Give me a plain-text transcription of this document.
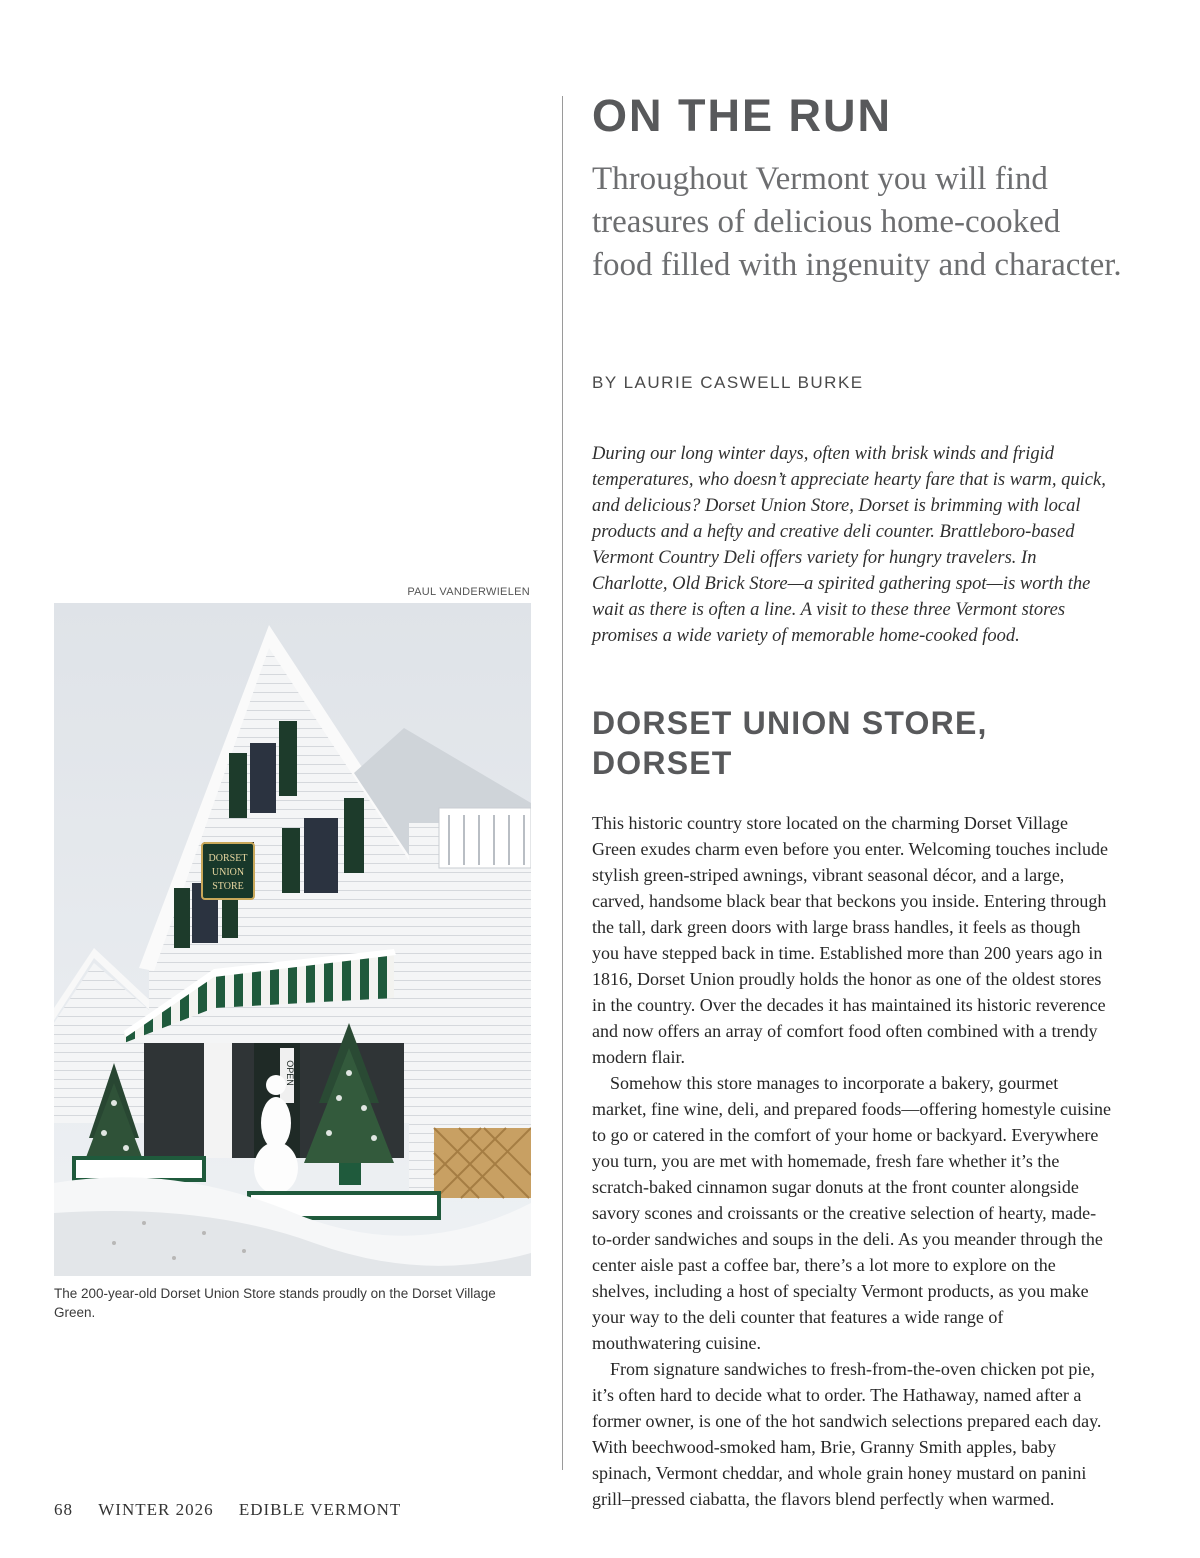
ON THE RUN
Throughout Vermont you will find treasures of delicious home-cooked food filled with ingenuity and character.
BY LAURIE CASWELL BURKE
During our long winter days, often with brisk winds and frigid temperatures, who doesn’t appreciate hearty fare that is warm, quick, and delicious? Dorset Union Store, Dorset is brimming with local products and a hefty and creative deli counter. Brattleboro-based Vermont Country Deli offers variety for hungry travelers. In Charlotte, Old Brick Store—a spirited gathering spot—is worth the wait as there is often a line. A visit to these three Vermont stores promises a wide variety of memorable home-cooked food.
DORSET UNION STORE, DORSET

This historic country store located on the charming Dorset Village Green exudes charm even before you enter. Welcoming touches include stylish green-striped awnings, vibrant seasonal décor, and a large, carved, handsome black bear that beckons you inside. Entering through the tall, dark green doors with large brass handles, it feels as though you have stepped back in time. Established more than 200 years ago in 1816, Dorset Union proudly holds the honor as one of the oldest stores in the country. Over the decades it has maintained its historic reverence and now offers an array of comfort food often combined with a trendy modern flair.

Somehow this store manages to incorporate a bakery, gourmet market, fine wine, deli, and prepared foods—offering homestyle cuisine to go or catered in the comfort of your home or backyard. Everywhere you turn, you are met with homemade, fresh fare whether it’s the scratch-baked cinnamon sugar donuts at the front counter alongside savory scones and croissants or the creative selection of hearty, made-to-order sandwiches and soups in the deli. As you meander through the center aisle past a coffee bar, there’s a lot more to explore on the shelves, including a host of specialty Vermont products, as you make your way to the deli counter that features a wide range of mouthwatering cuisine.

From signature sandwiches to fresh-from-the-oven chicken pot pie, it’s often hard to decide what to order. The Hathaway, named after a former owner, is one of the hot sandwich selections prepared each day. With beechwood-smoked ham, Brie, Granny Smith apples, baby spinach, Vermont cheddar, and whole grain honey mustard on panini grill–pressed ciabatta, the flavors blend perfectly when warmed.

PAUL VANDERWIELEN
DORSET
UNION
STORE
OPEN
The 200-year-old Dorset Union Store stands proudly on the Dorset Village Green.
68 WINTER 2026 EDIBLE VERMONT
